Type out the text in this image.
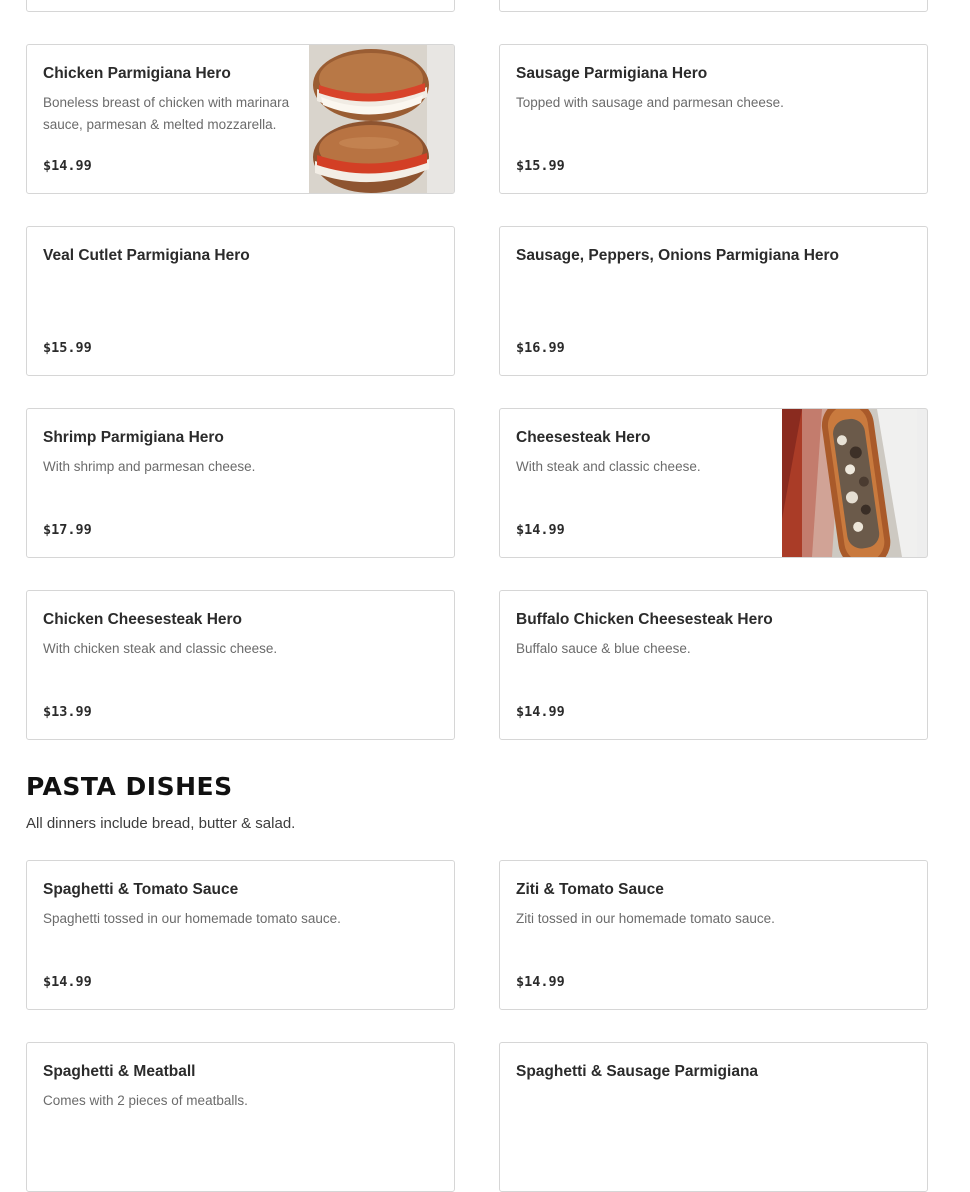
Chicken Parmigiana Hero
Boneless breast of chicken with marinara sauce, parmesan & melted mozzarella.
$14.99
Sausage Parmigiana Hero
Topped with sausage and parmesan cheese.
$15.99
Veal Cutlet Parmigiana Hero
$15.99
Sausage, Peppers, Onions Parmigiana Hero
$16.99
Shrimp Parmigiana Hero
With shrimp and parmesan cheese.
$17.99
Cheesesteak Hero
With steak and classic cheese.
$14.99
Chicken Cheesesteak Hero
With chicken steak and classic cheese.
$13.99
Buffalo Chicken Cheesesteak Hero
Buffalo sauce & blue cheese.
$14.99
PASTA DISHES
All dinners include bread, butter & salad.
Spaghetti & Tomato Sauce
Spaghetti tossed in our homemade tomato sauce.
$14.99
Ziti & Tomato Sauce
Ziti tossed in our homemade tomato sauce.
$14.99
Spaghetti & Meatball
Comes with 2 pieces of meatballs.
Spaghetti & Sausage Parmigiana
